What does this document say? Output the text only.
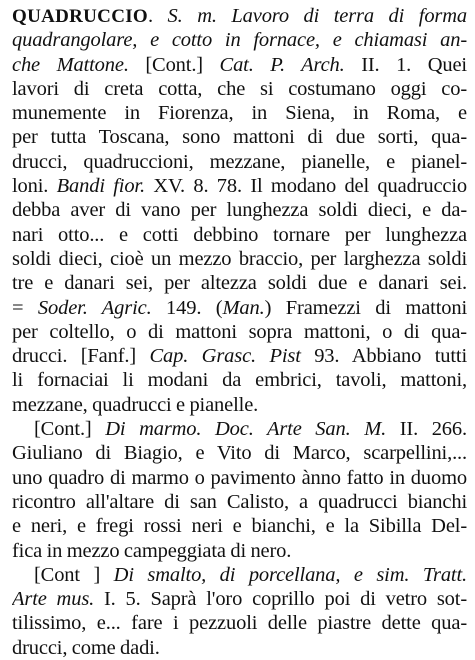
QUADRUCCIO. S. m. Lavoro di terra di forma
quadrangolare, e cotto in fornace, e chiamasi an-
che Mattone. [Cont.] Cat. P. Arch. II. 1. Quei
lavori di creta cotta, che si costumano oggi co-
munemente in Fiorenza, in Siena, in Roma, e
per tutta Toscana, sono mattoni di due sorti, qua-
drucci, quadruccioni, mezzane, pianelle, e pianel-
loni. Bandi fior. XV. 8. 78. Il modano del quadruccio
debba aver di vano per lunghezza soldi dieci, e da-
nari otto... e cotti debbino tornare per lunghezza
soldi dieci, cioè un mezzo braccio, per larghezza soldi
tre e danari sei, per altezza soldi due e danari sei.
= Soder. Agric. 149. (Man.) Framezzi di mattoni
per coltello, o di mattoni sopra mattoni, o di qua-
drucci. [Fanf.] Cap. Grasc. Pist 93. Abbiano tutti
li fornaciai li modani da embrici, tavoli, mattoni,
mezzane, quadrucci e pianelle.
[Cont.] Di marmo. Doc. Arte San. M. II. 266.
Giuliano di Biagio, e Vito di Marco, scarpellini,...
uno quadro di marmo o pavimento ànno fatto in duomo
ricontro all'altare di san Calisto, a quadrucci bianchi
e neri, e fregi rossi neri e bianchi, e la Sibilla Del-
fica in mezzo campeggiata di nero.
[Cont ] Di smalto, di porcellana, e sim. Tratt.
Arte mus. I. 5. Saprà l'oro coprillo poi di vetro sot-
tilissimo, e... fare i pezzuoli delle piastre dette qua-
drucci, come dadi.
